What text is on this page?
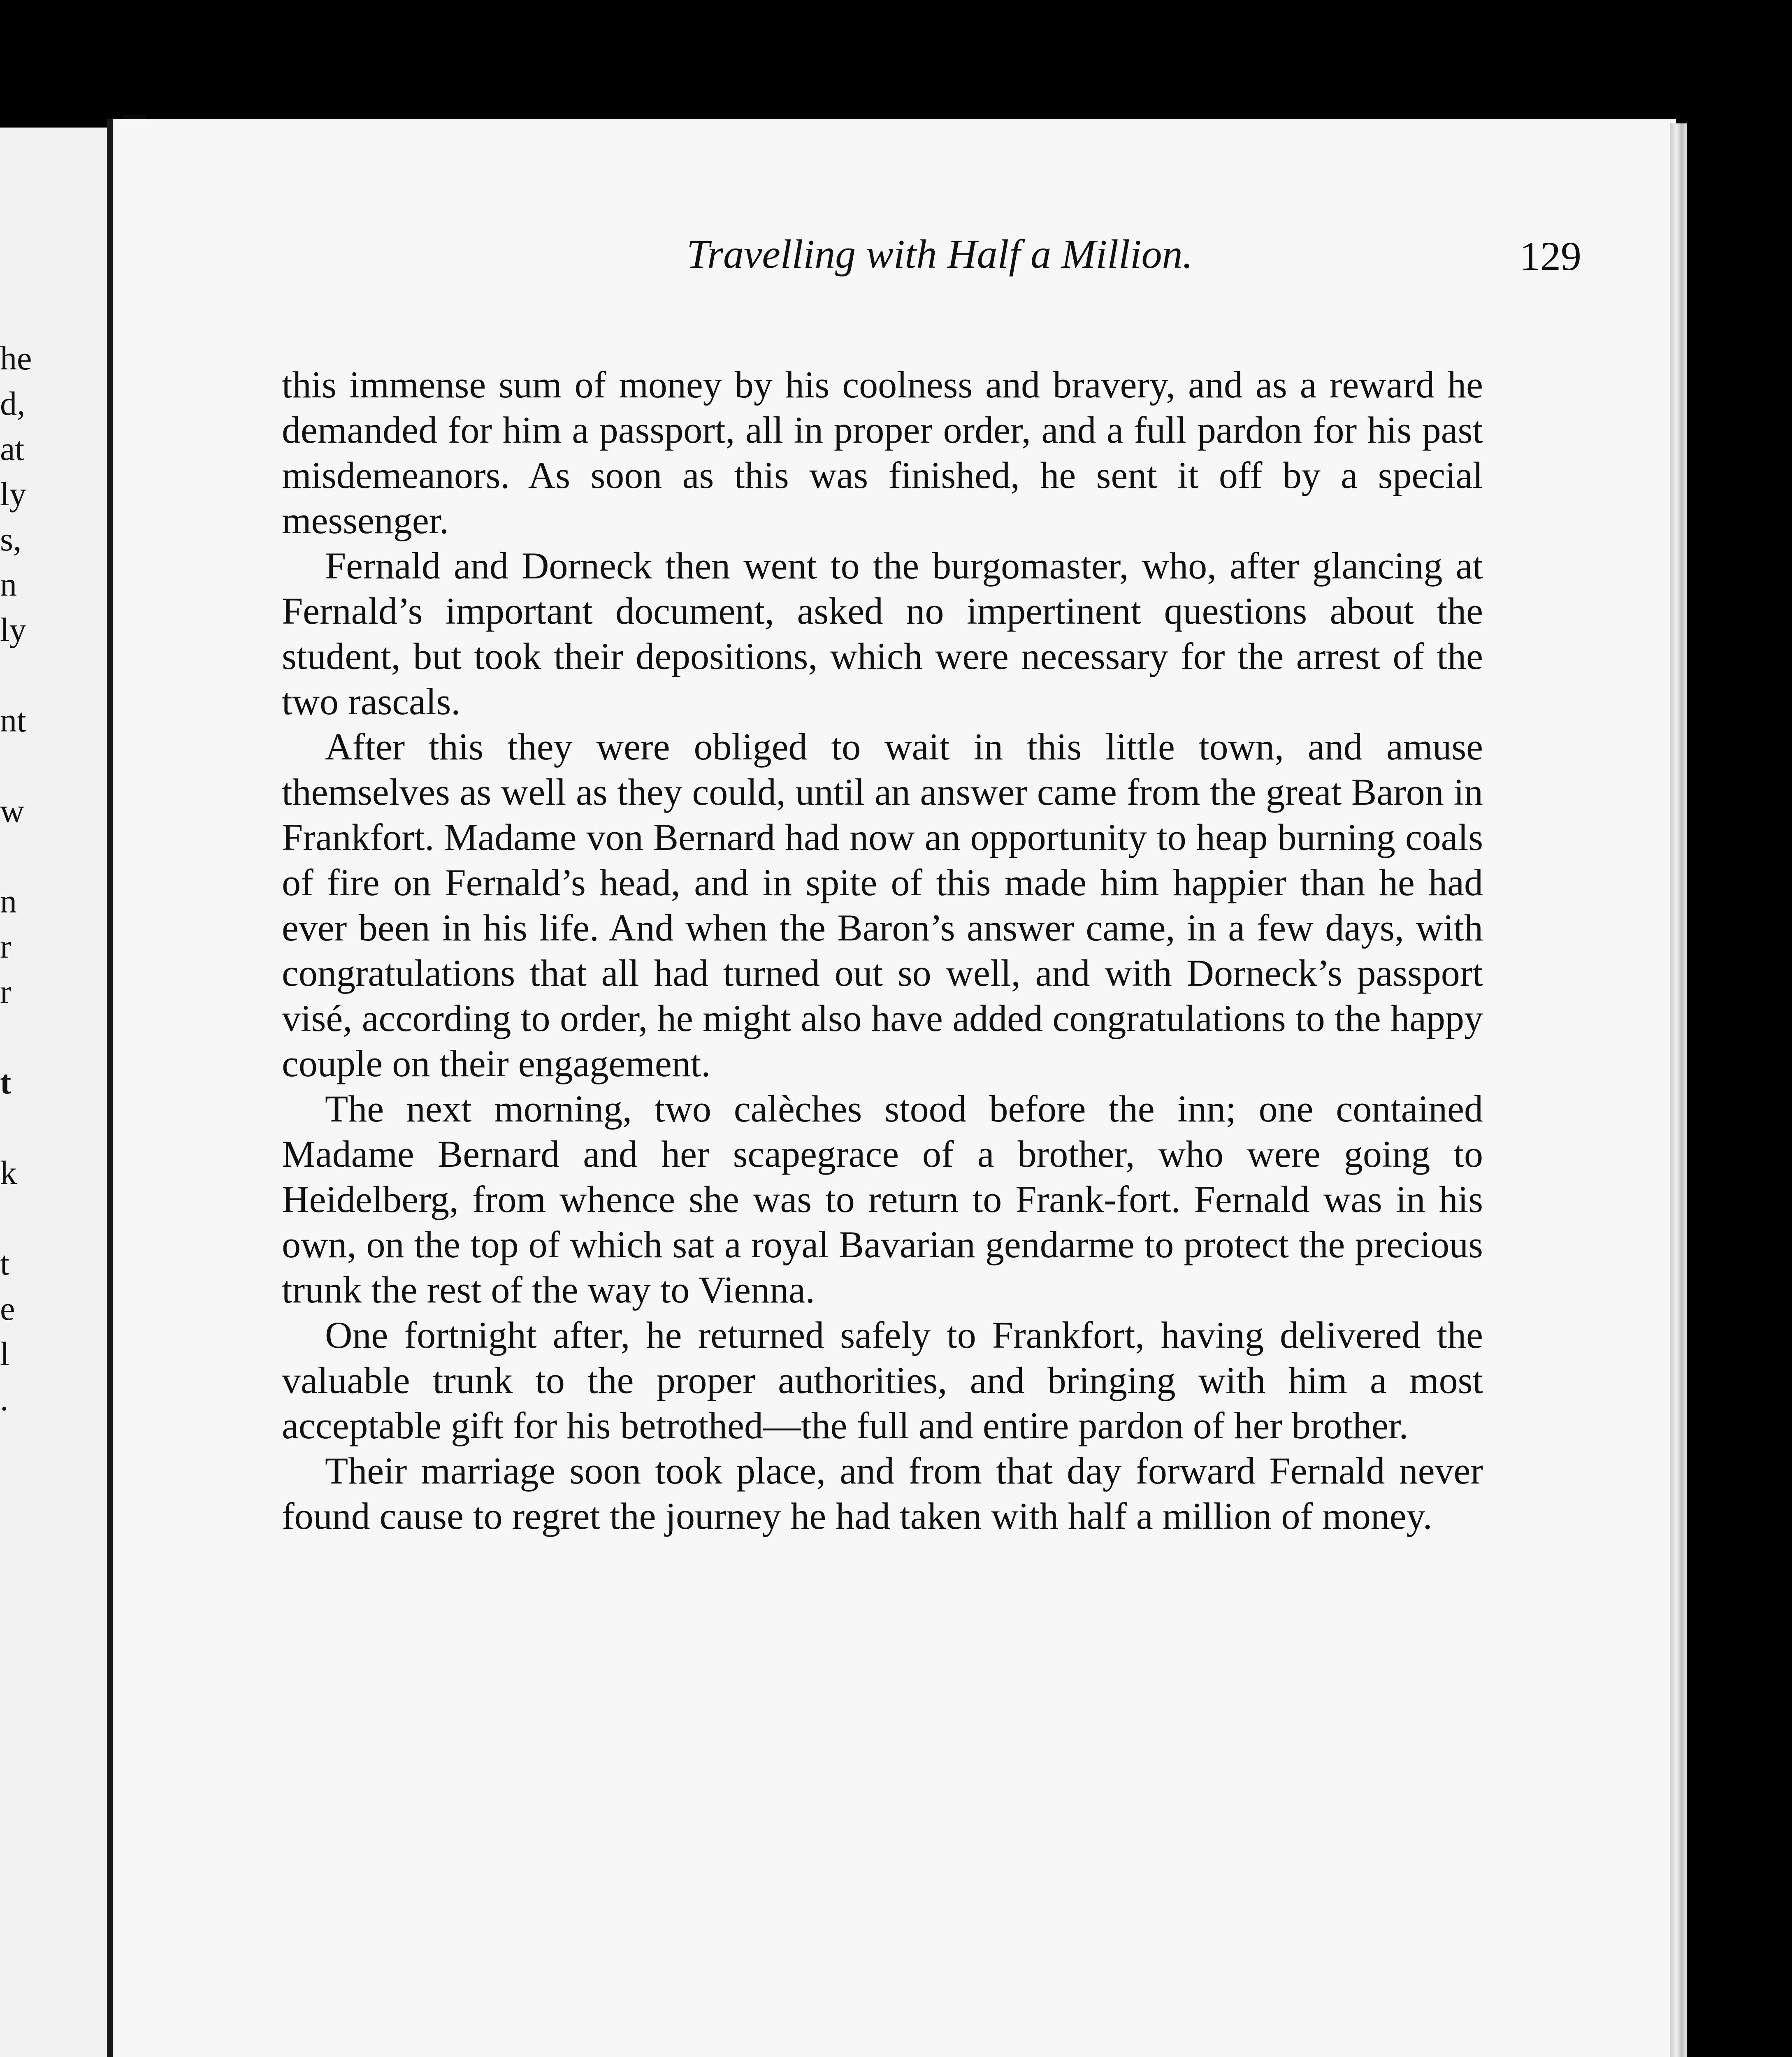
he
d,
at
ly
s,
n
ly
nt
w
n
r
r
t
k
t
e
l
.
Travelling with Half a Million.	129

this immense sum of money by his coolness and bravery, and as a reward he demanded for him a passport, all in proper order, and a full pardon for his past misdemeanors. As soon as this was finished, he sent it off by a special messenger.

Fernald and Dorneck then went to the burgomaster, who, after glancing at Fernald’s important document, asked no impertinent questions about the student, but took their depositions, which were necessary for the arrest of the two rascals.

After this they were obliged to wait in this little town, and amuse themselves as well as they could, until an answer came from the great Baron in Frankfort. Madame von Bernard had now an opportunity to heap burning coals of fire on Fernald’s head, and in spite of this made him happier than he had ever been in his life. And when the Baron’s answer came, in a few days, with congratulations that all had turned out so well, and with Dorneck’s passport visé, according to order, he might also have added congratulations to the happy couple on their engagement.

The next morning, two calèches stood before the inn; one contained Madame Bernard and her scapegrace of a brother, who were going to Heidelberg, from whence she was to return to Frank-fort. Fernald was in his own, on the top of which sat a royal Bavarian gendarme to protect the precious trunk the rest of the way to Vienna.

One fortnight after, he returned safely to Frankfort, having delivered the valuable trunk to the proper authorities, and bringing with him a most acceptable gift for his betrothed—the full and entire pardon of her brother.

Their marriage soon took place, and from that day forward Fernald never found cause to regret the journey he had taken with half a million of money.
